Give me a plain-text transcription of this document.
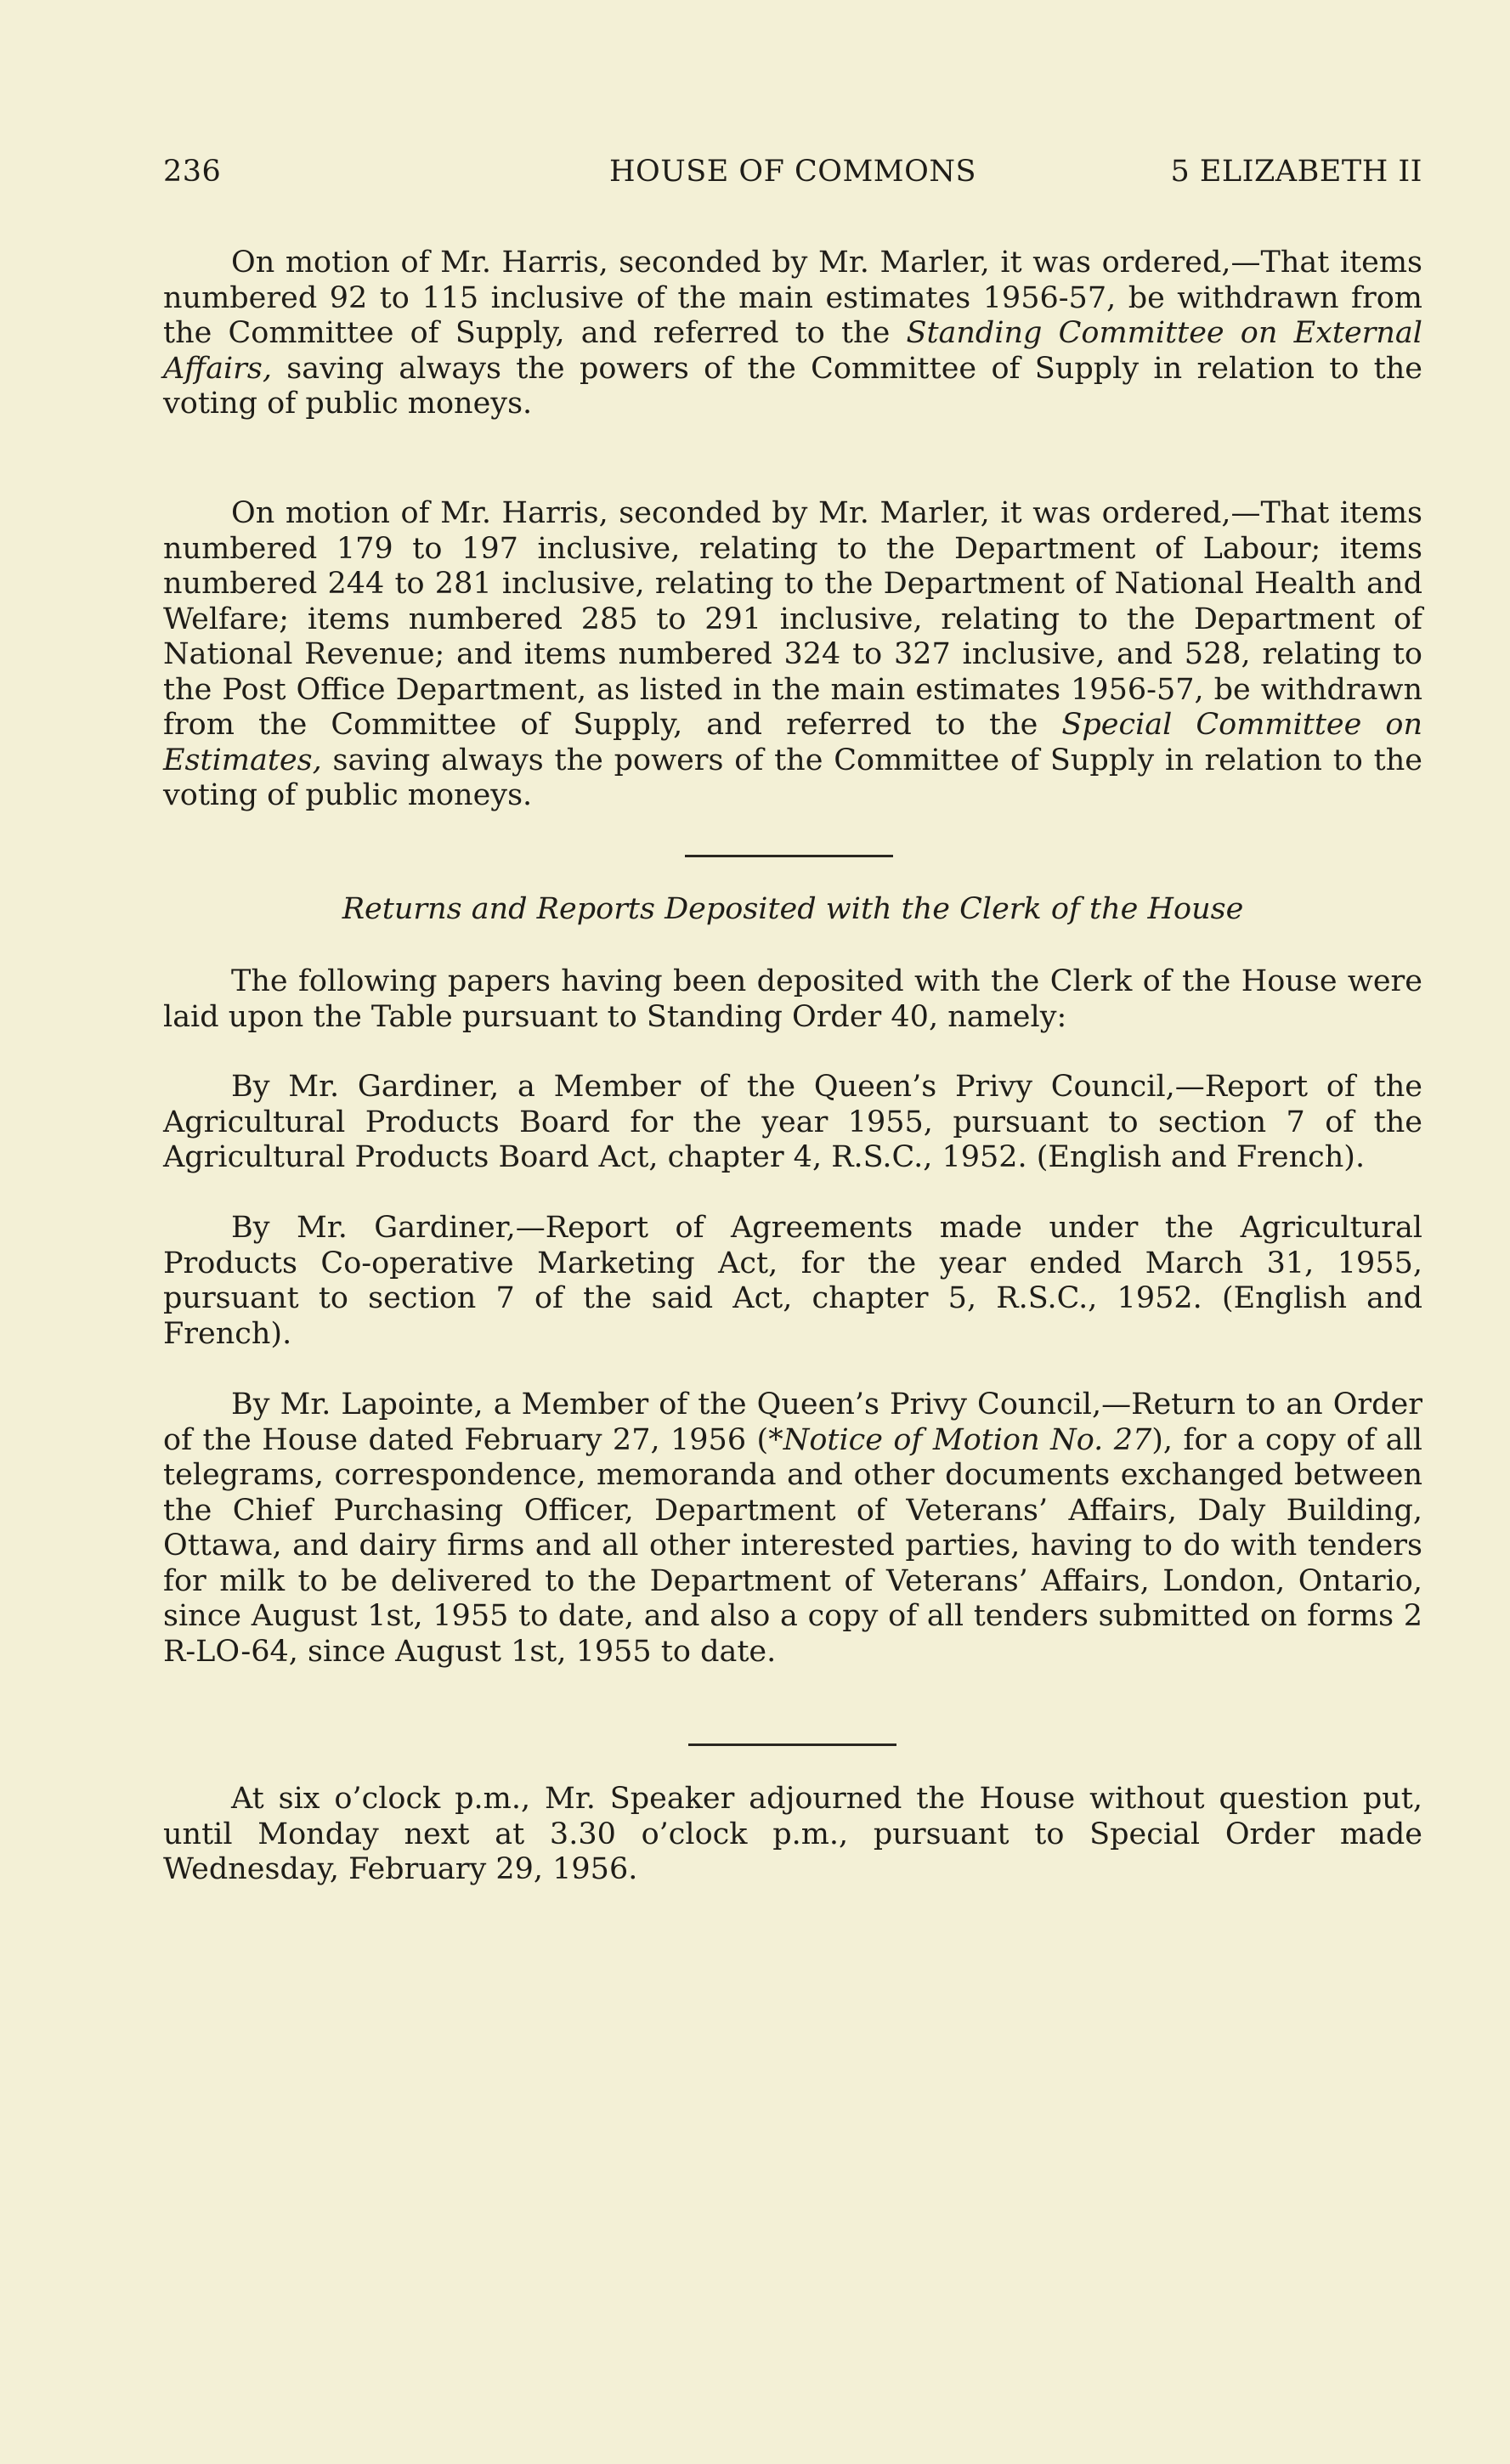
236	HOUSE OF COMMONS	5 ELIZABETH II

On motion of Mr. Harris, seconded by Mr. Marler, it was ordered,—That items numbered 92 to 115 inclusive of the main estimates 1956-57, be withdrawn from the Committee of Supply, and referred to the Standing Committee on External Affairs, saving always the powers of the Committee of Supply in relation to the voting of public moneys.

On motion of Mr. Harris, seconded by Mr. Marler, it was ordered,—That items numbered 179 to 197 inclusive, relating to the Department of Labour; items numbered 244 to 281 inclusive, relating to the Department of National Health and Welfare; items numbered 285 to 291 inclusive, relating to the Department of National Revenue; and items numbered 324 to 327 inclusive, and 528, relating to the Post Office Department, as listed in the main estimates 1956-57, be withdrawn from the Committee of Supply, and referred to the Special Committee on Estimates, saving always the powers of the Committee of Supply in relation to the voting of public moneys.

Returns and Reports Deposited with the Clerk of the House

The following papers having been deposited with the Clerk of the House were laid upon the Table pursuant to Standing Order 40, namely:

By Mr. Gardiner, a Member of the Queen’s Privy Council,—Report of the Agricultural Products Board for the year 1955, pursuant to section 7 of the Agricultural Products Board Act, chapter 4, R.S.C., 1952. (English and French).

By Mr. Gardiner,—Report of Agreements made under the Agricultural Products Co-operative Marketing Act, for the year ended March 31, 1955, pursuant to section 7 of the said Act, chapter 5, R.S.C., 1952. (English and French).

By Mr. Lapointe, a Member of the Queen’s Privy Council,—Return to an Order of the House dated February 27, 1956 (*Notice of Motion No. 27), for a copy of all telegrams, correspondence, memoranda and other documents exchanged between the Chief Purchasing Officer, Department of Veterans’ Affairs, Daly Building, Ottawa, and dairy firms and all other interested parties, having to do with tenders for milk to be delivered to the Department of Veterans’ Affairs, London, Ontario, since August 1st, 1955 to date, and also a copy of all tenders submitted on forms 2 R-LO-64, since August 1st, 1955 to date.

At six o’clock p.m., Mr. Speaker adjourned the House without question put, until Monday next at 3.30 o’clock p.m., pursuant to Special Order made Wednesday, February 29, 1956.
